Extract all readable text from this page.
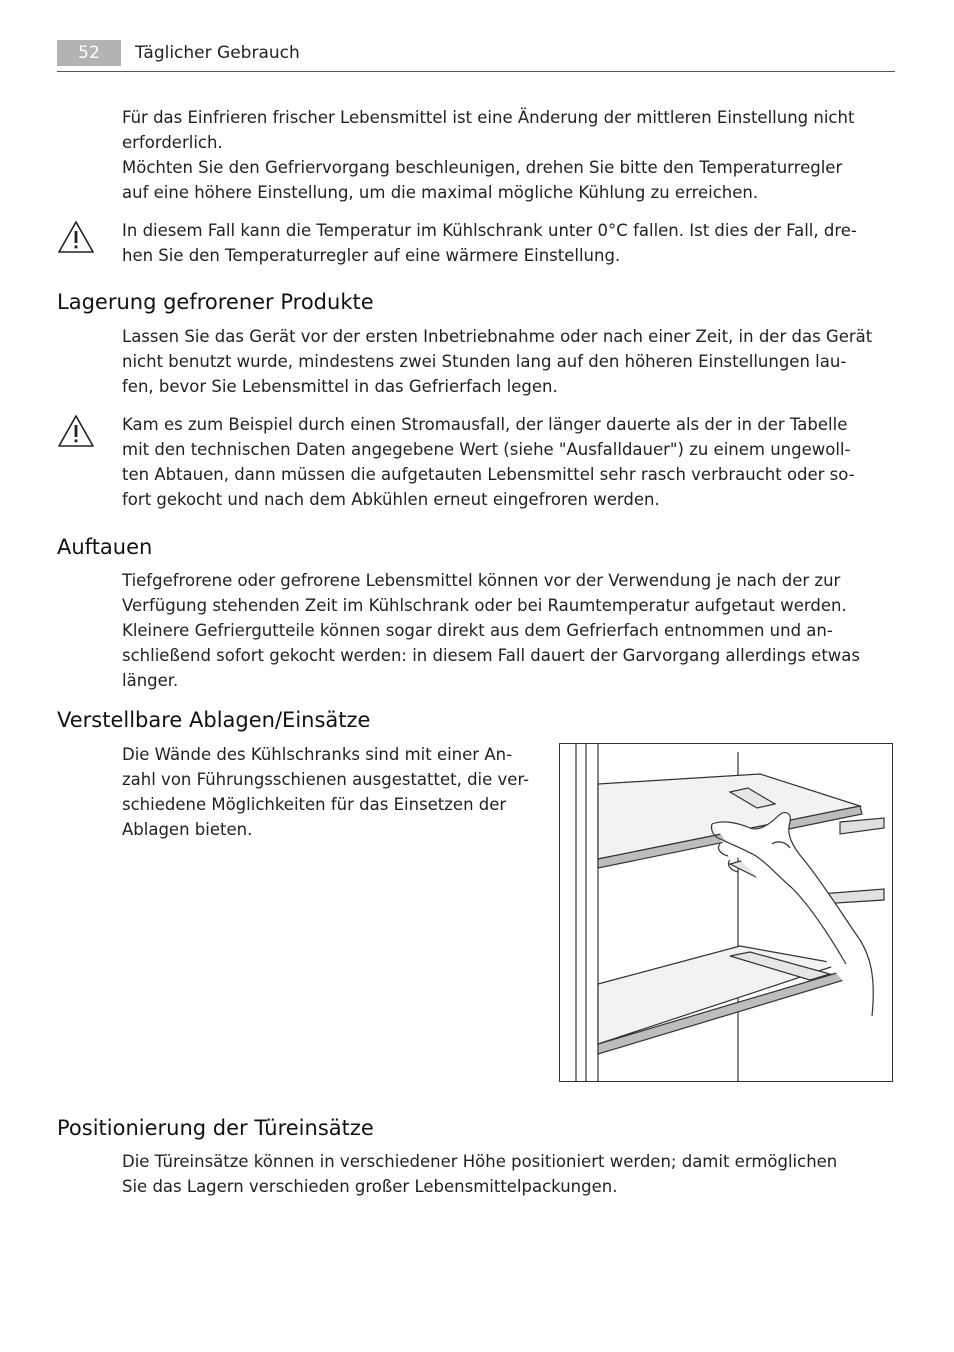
52	Täglicher Gebrauch
Für das Einfrieren frischer Lebensmittel ist eine Änderung der mittleren Einstellung nicht
erforderlich.
Möchten Sie den Gefriervorgang beschleunigen, drehen Sie bitte den Temperaturregler
auf eine höhere Einstellung, um die maximal mögliche Kühlung zu erreichen.
In diesem Fall kann die Temperatur im Kühlschrank unter 0°C fallen. Ist dies der Fall, dre-
hen Sie den Temperaturregler auf eine wärmere Einstellung.
Lagerung gefrorener Produkte
Lassen Sie das Gerät vor der ersten Inbetriebnahme oder nach einer Zeit, in der das Gerät
nicht benutzt wurde, mindestens zwei Stunden lang auf den höheren Einstellungen lau-
fen, bevor Sie Lebensmittel in das Gefrierfach legen.
Kam es zum Beispiel durch einen Stromausfall, der länger dauerte als der in der Tabelle
mit den technischen Daten angegebene Wert (siehe "Ausfalldauer") zu einem ungewoll-
ten Abtauen, dann müssen die aufgetauten Lebensmittel sehr rasch verbraucht oder so-
fort gekocht und nach dem Abkühlen erneut eingefroren werden.
Auftauen
Tiefgefrorene oder gefrorene Lebensmittel können vor der Verwendung je nach der zur
Verfügung stehenden Zeit im Kühlschrank oder bei Raumtemperatur aufgetaut werden.
Kleinere Gefriergutteile können sogar direkt aus dem Gefrierfach entnommen und an-
schließend sofort gekocht werden: in diesem Fall dauert der Garvorgang allerdings etwas
länger.
Verstellbare Ablagen/Einsätze
Die Wände des Kühlschranks sind mit einer An-
zahl von Führungsschienen ausgestattet, die ver-
schiedene Möglichkeiten für das Einsetzen der
Ablagen bieten.
Positionierung der Türeinsätze
Die Türeinsätze können in verschiedener Höhe positioniert werden; damit ermöglichen
Sie das Lagern verschieden großer Lebensmittelpackungen.
